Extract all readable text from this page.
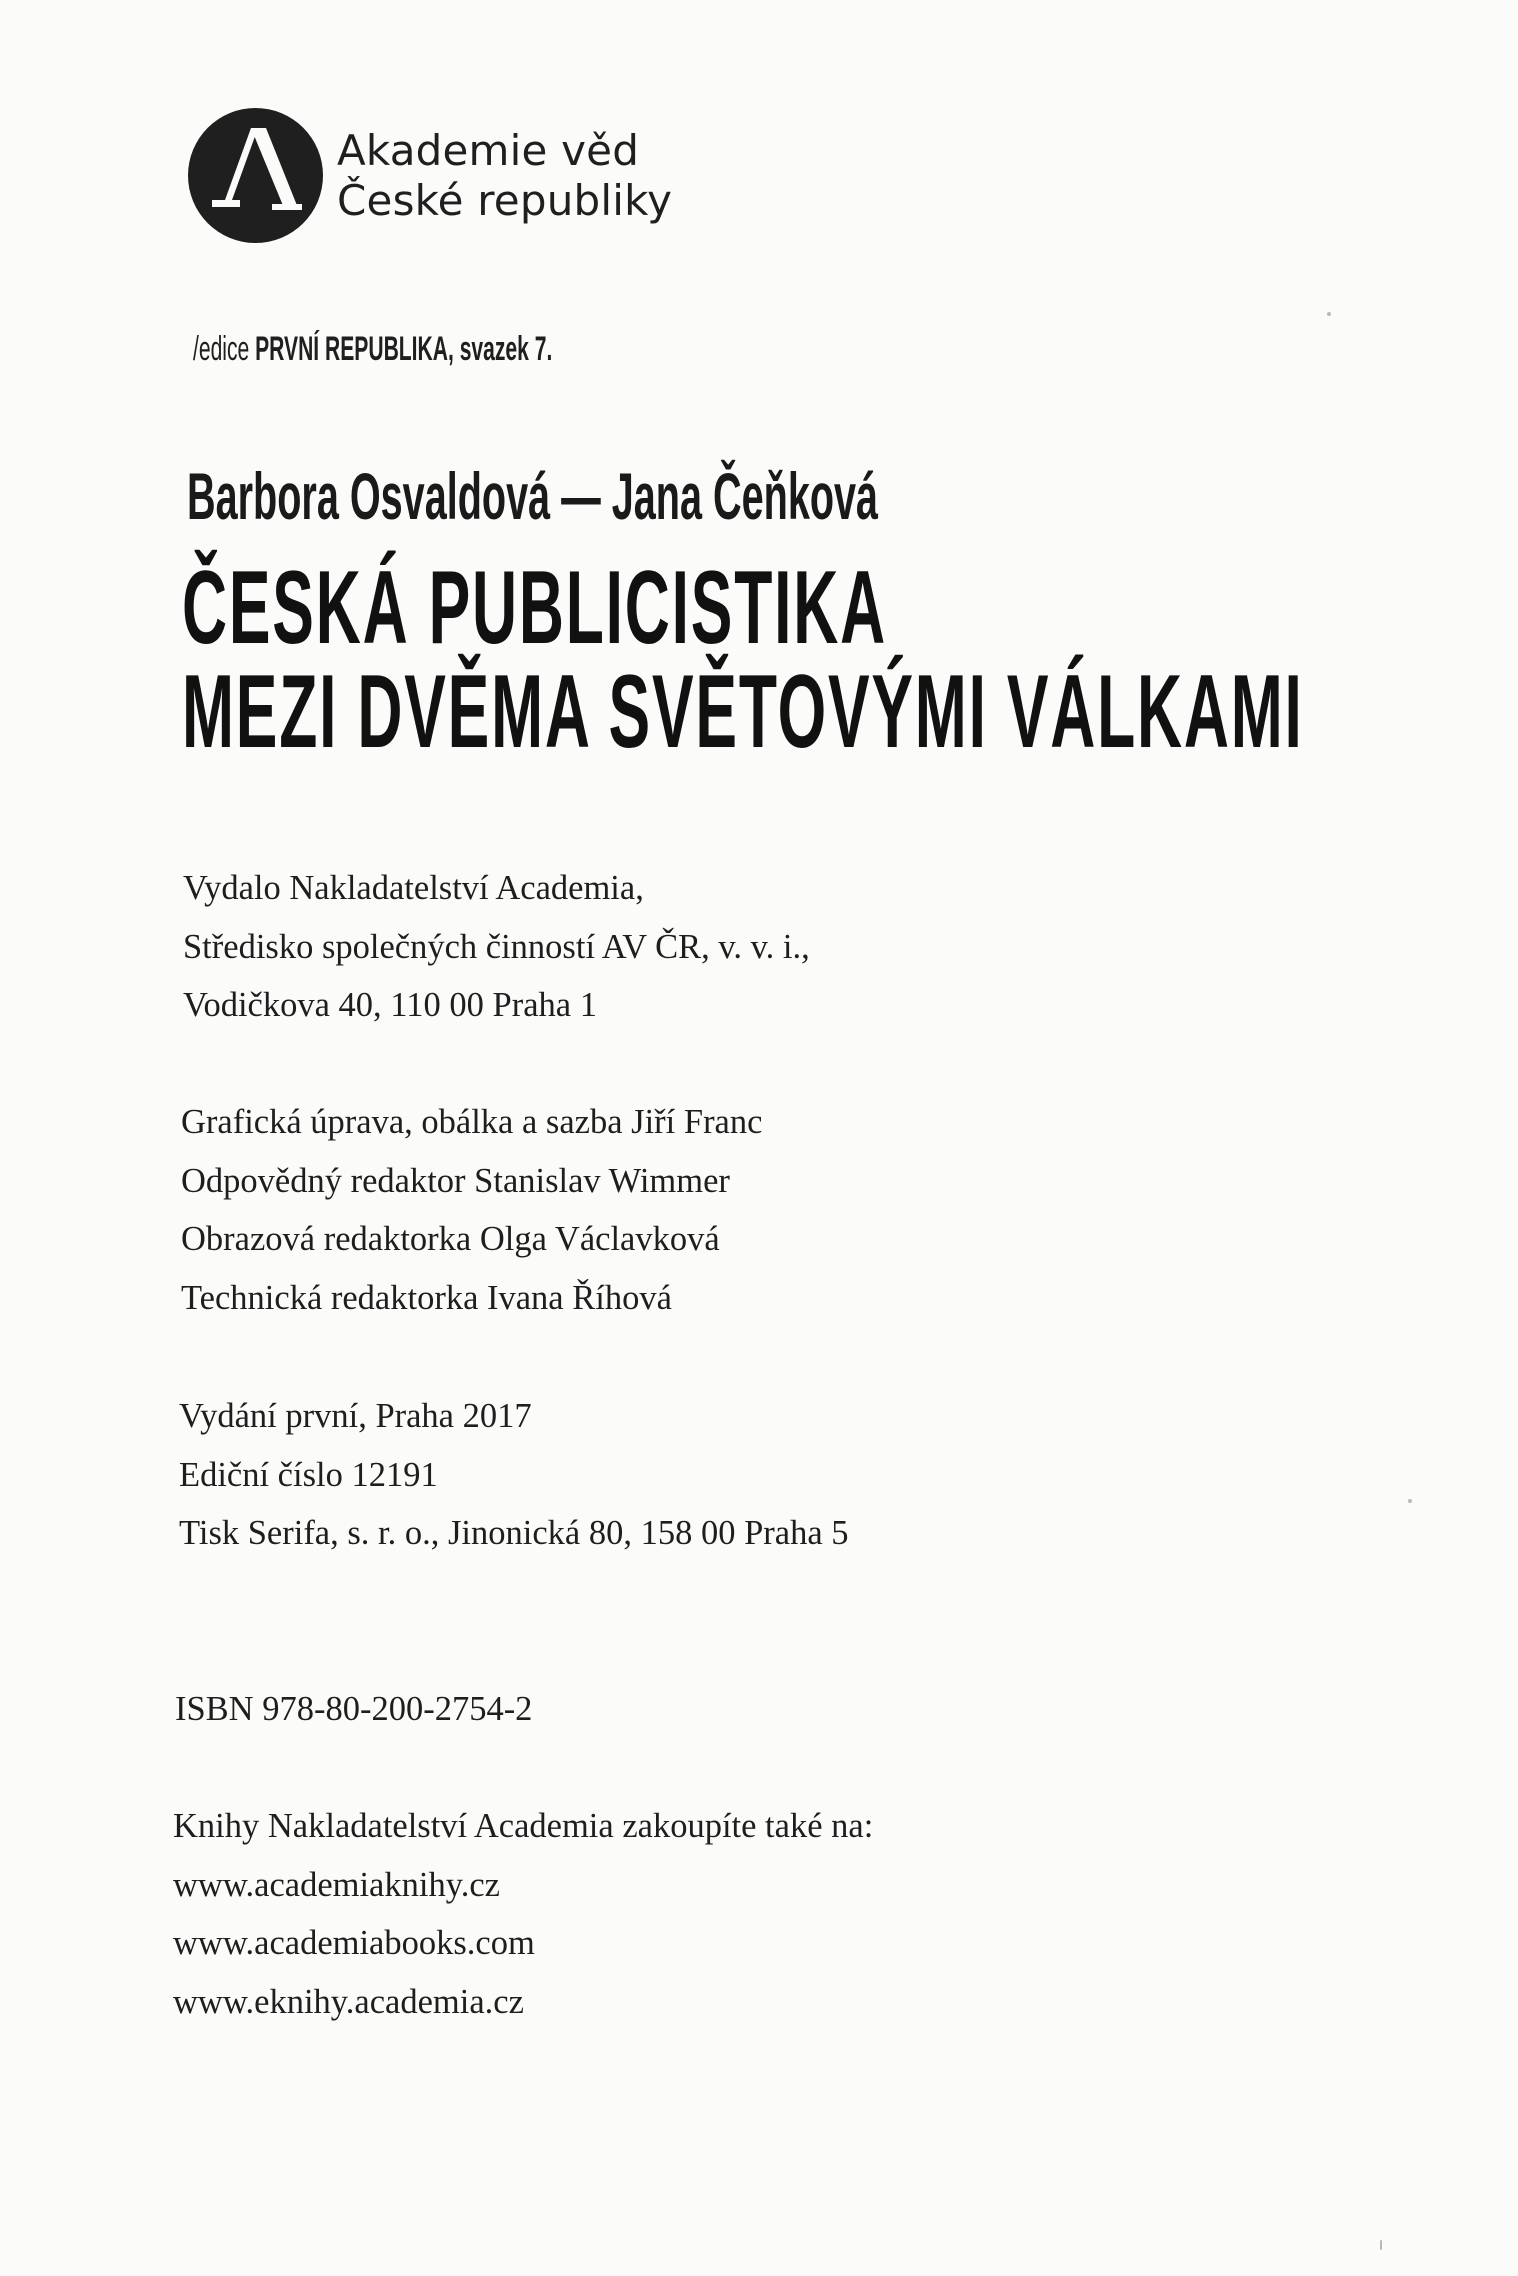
Akademie věd
České republiky
/edice PRVNÍ REPUBLIKA, svazek 7.
Barbora Osvaldová — Jana Čeňková
ČESKÁ PUBLICISTIKA
MEZI DVĚMA SVĚTOVÝMI VÁLKAMI
Vydalo Nakladatelství Academia,
Středisko společných činností AV ČR, v. v. i.,
Vodičkova 40, 110 00 Praha 1
Grafická úprava, obálka a sazba Jiří Franc
Odpovědný redaktor Stanislav Wimmer
Obrazová redaktorka Olga Václavková
Technická redaktorka Ivana Říhová
Vydání první, Praha 2017
Ediční číslo 12191
Tisk Serifa, s. r. o., Jinonická 80, 158 00 Praha 5
ISBN 978-80-200-2754-2
Knihy Nakladatelství Academia zakoupíte také na:
www.academiaknihy.cz
www.academiabooks.com
www.eknihy.academia.cz
